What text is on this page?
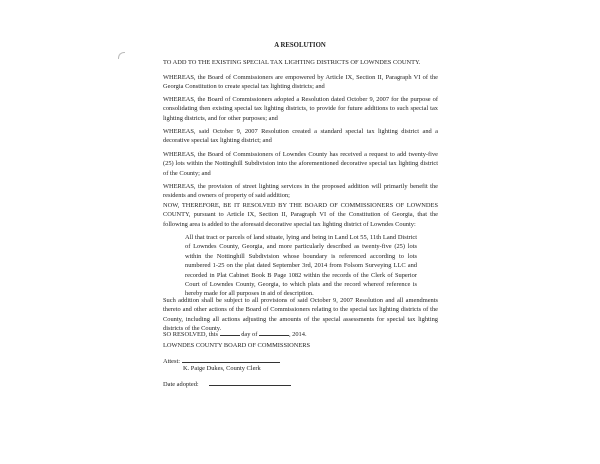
A RESOLUTION

TO ADD TO THE EXISTING SPECIAL TAX LIGHTING DISTRICTS OF LOWNDES COUNTY.

WHEREAS, the Board of Commissioners are empowered by Article IX, Section II, Paragraph VI of the Georgia Constitution to create special tax lighting districts; and

WHEREAS, the Board of Commissioners adopted a Resolution dated October 9, 2007 for the purpose of consolidating then existing special tax lighting districts, to provide for future additions to such special tax lighting districts, and for other purposes; and

WHEREAS, said October 9, 2007 Resolution created a standard special tax lighting district and a decorative special tax lighting district; and

WHEREAS, the Board of Commissioners of Lowndes County has received a request to add twenty-five (25) lots within the Nottinghill Subdivision into the aforementioned decorative special tax lighting district of the County; and

WHEREAS, the provision of street lighting services in the proposed addition will primarily benefit the residents and owners of property of said addition;

NOW, THEREFORE, BE IT RESOLVED BY THE BOARD OF COMMISSIONERS OF LOWNDES COUNTY, pursuant to Article IX, Section II, Paragraph VI of the Constitution of Georgia, that the following area is added to the aforesaid decorative special tax lighting district of Lowndes County:

All that tract or parcels of land situate, lying and being in Land Lot 55, 11th Land District of Lowndes County, Georgia, and more particularly described as twenty-five (25) lots within the Nottinghill Subdivision whose boundary is referenced according to lots numbered 1-25 on the plat dated September 3rd, 2014 from Folsom Surveying LLC and recorded in Plat Cabinet Book B Page 1082 within the records of the Clerk of Superior Court of Lowndes County, Georgia, to which plats and the record whereof reference is hereby made for all purposes in aid of description.

Such addition shall be subject to all provisions of said October 9, 2007 Resolution and all amendments thereto and other actions of the Board of Commissioners relating to the special tax lighting districts of the County, including all actions adjusting the amounts of the special assessments for special tax lighting districts of the County.

SO RESOLVED, this	day of	, 2014.

LOWNDES COUNTY BOARD OF COMMISSIONERS

Attest:

K. Paige Dukes, County Clerk

Date adopted:
